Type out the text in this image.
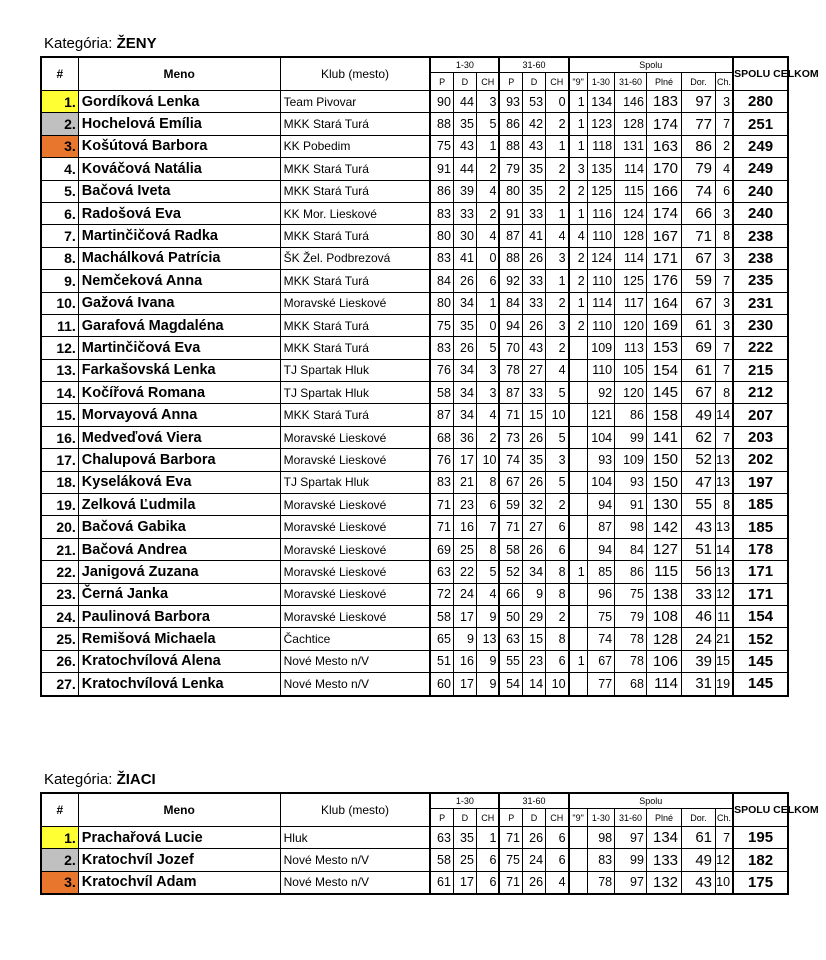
Kategória: ŽENY
#	Meno	Klub (mesto)	1-30			31-60			Spolu						SPOLU CELKOM
			P	D	CH	P	D	CH	"9"	1-30	31-60	Plné	Dor.	Ch.	
1.	Gordíková Lenka	Team Pivovar	90	44	3	93	53	0	1	134	146	183	97	3	280
2.	Hochelová Emília	MKK Stará Turá	88	35	5	86	42	2	1	123	128	174	77	7	251
3.	Košútová Barbora	KK Pobedim	75	43	1	88	43	1	1	118	131	163	86	2	249
4.	Kováčová Natália	MKK Stará Turá	91	44	2	79	35	2	3	135	114	170	79	4	249
5.	Bačová Iveta	MKK Stará Turá	86	39	4	80	35	2	2	125	115	166	74	6	240
6.	Radošová Eva	KK Mor. Lieskové	83	33	2	91	33	1	1	116	124	174	66	3	240
7.	Martinčičová Radka	MKK Stará Turá	80	30	4	87	41	4	4	110	128	167	71	8	238
8.	Machálková Patrícia	ŠK Žel. Podbrezová	83	41	0	88	26	3	2	124	114	171	67	3	238
9.	Nemčeková Anna	MKK Stará Turá	84	26	6	92	33	1	2	110	125	176	59	7	235
10.	Gažová Ivana	Moravské Lieskové	80	34	1	84	33	2	1	114	117	164	67	3	231
11.	Garafová Magdaléna	MKK Stará Turá	75	35	0	94	26	3	2	110	120	169	61	3	230
12.	Martinčičová Eva	MKK Stará Turá	83	26	5	70	43	2		109	113	153	69	7	222
13.	Farkašovská Lenka	TJ Spartak Hluk	76	34	3	78	27	4		110	105	154	61	7	215
14.	Kočířová Romana	TJ Spartak Hluk	58	34	3	87	33	5		92	120	145	67	8	212
15.	Morvayová Anna	MKK Stará Turá	87	34	4	71	15	10		121	86	158	49	14	207
16.	Medveďová Viera	Moravské Lieskové	68	36	2	73	26	5		104	99	141	62	7	203
17.	Chalupová Barbora	Moravské Lieskové	76	17	10	74	35	3		93	109	150	52	13	202
18.	Kyseláková Eva	TJ Spartak Hluk	83	21	8	67	26	5		104	93	150	47	13	197
19.	Zelková Ľudmila	Moravské Lieskové	71	23	6	59	32	2		94	91	130	55	8	185
20.	Bačová Gabika	Moravské Lieskové	71	16	7	71	27	6		87	98	142	43	13	185
21.	Bačová Andrea	Moravské Lieskové	69	25	8	58	26	6		94	84	127	51	14	178
22.	Janigová Zuzana	Moravské Lieskové	63	22	5	52	34	8	1	85	86	115	56	13	171
23.	Černá Janka	Moravské Lieskové	72	24	4	66	9	8		96	75	138	33	12	171
24.	Paulinová Barbora	Moravské Lieskové	58	17	9	50	29	2		75	79	108	46	11	154
25.	Remišová Michaela	Čachtice	65	9	13	63	15	8		74	78	128	24	21	152
26.	Kratochvílová Alena	Nové Mesto n/V	51	16	9	55	23	6	1	67	78	106	39	15	145
27.	Kratochvílová Lenka	Nové Mesto n/V	60	17	9	54	14	10		77	68	114	31	19	145
Kategória: ŽIACI
#	Meno	Klub (mesto)	1-30			31-60			Spolu						SPOLU CELKOM
			P	D	CH	P	D	CH	"9"	1-30	31-60	Plné	Dor.	Ch.	
1.	Prachařová Lucie	Hluk	63	35	1	71	26	6		98	97	134	61	7	195
2.	Kratochvíl Jozef	Nové Mesto n/V	58	25	6	75	24	6		83	99	133	49	12	182
3.	Kratochvíl Adam	Nové Mesto n/V	61	17	6	71	26	4		78	97	132	43	10	175
